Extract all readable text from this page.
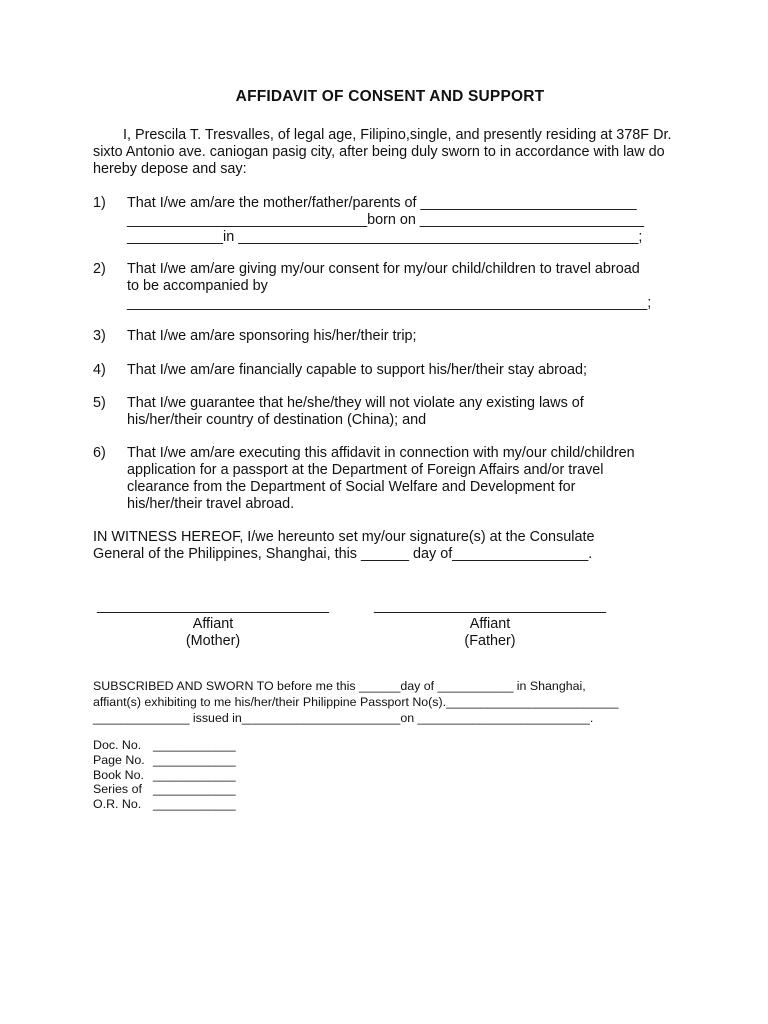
AFFIDAVIT OF CONSENT AND SUPPORT

I, Prescila T. Tresvalles, of legal age, Filipino,single, and presently residing at 378F Dr. sixto Antonio ave. caniogan pasig city, after being duly sworn to in accordance with law do hereby depose and say:

1) That I/we am/are the mother/father/parents of ___________________________
______________________________born on ____________________________
____________in __________________________________________________;
2) That I/we am/are giving my/our consent for my/our child/children to travel abroad
to be accompanied by
_________________________________________________________________;
3) That I/we am/are sponsoring his/her/their trip;
4) That I/we am/are financially capable to support his/her/their stay abroad;
5) That I/we guarantee that he/she/they will not violate any existing laws of
his/her/their country of destination (China); and
6) That I/we am/are executing this affidavit in connection with my/our child/children
application for a passport at the Department of Foreign Affairs and/or travel
clearance from the Department of Social Welfare and Development for
his/her/their travel abroad.
IN WITNESS HEREOF, I/we hereunto set my/our signature(s) at the Consulate
General of the Philippines, Shanghai, this ______ day of_________________.
_____________________________
Affiant
(Mother)
_____________________________
Affiant
(Father)
SUBSCRIBED AND SWORN TO before me this ______day of ___________ in Shanghai,
affiant(s) exhibiting to me his/her/their Philippine Passport No(s)._________________________
______________ issued in_______________________on _________________________.
Doc. No. ____________
Page No. ____________
Book No. ____________
Series of ____________
O.R. No. ____________
